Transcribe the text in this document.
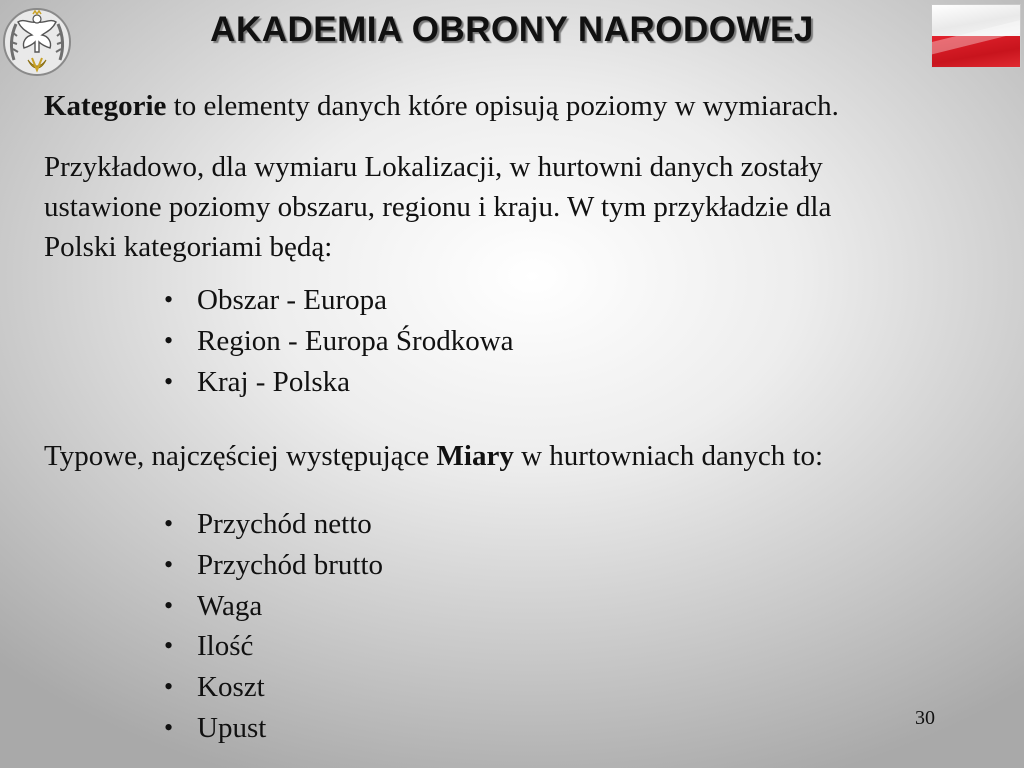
AKADEMIA OBRONY NARODOWEJ

Kategorie to elementy danych które opisują poziomy w wymiarach.

Przykładowo, dla wymiaru Lokalizacji, w hurtowni danych zostały
ustawione poziomy obszaru, regionu i kraju. W tym przykładzie dla
Polski kategoriami będą:

• Obszar - Europa
• Region - Europa Środkowa
• Kraj - Polska

Typowe, najczęściej występujące Miary w hurtowniach danych to:

• Przychód netto
• Przychód brutto
• Waga
• Ilość
• Koszt
• Upust	30
